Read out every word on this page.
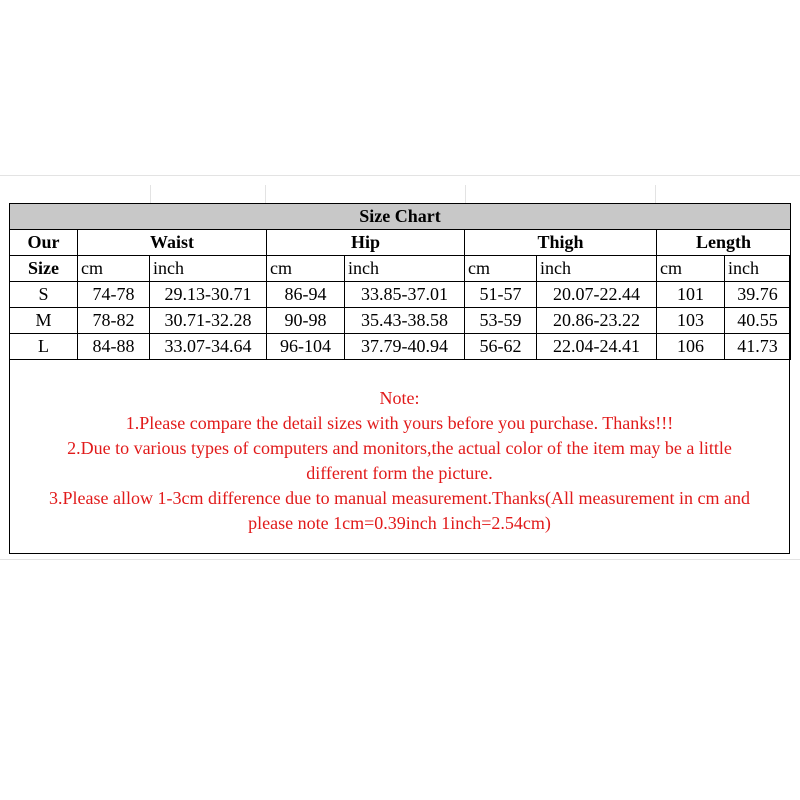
Size Chart								
Our	Waist		Hip		Thigh		Length	
Size	cm	inch	cm	inch	cm	inch	cm	inch
S	74-78	29.13-30.71	86-94	33.85-37.01	51-57	20.07-22.44	101	39.76
M	78-82	30.71-32.28	90-98	35.43-38.58	53-59	20.86-23.22	103	40.55
L	84-88	33.07-34.64	96-104	37.79-40.94	56-62	22.04-24.41	106	41.73

Note:

1.Please compare the detail sizes with yours before you purchase. Thanks!!!

2.Due to various types of computers and monitors,the actual color of the item may be a little

different form the picture.

3.Please allow 1-3cm difference due to manual measurement.Thanks(All measurement in cm and

please note 1cm=0.39inch 1inch=2.54cm)
